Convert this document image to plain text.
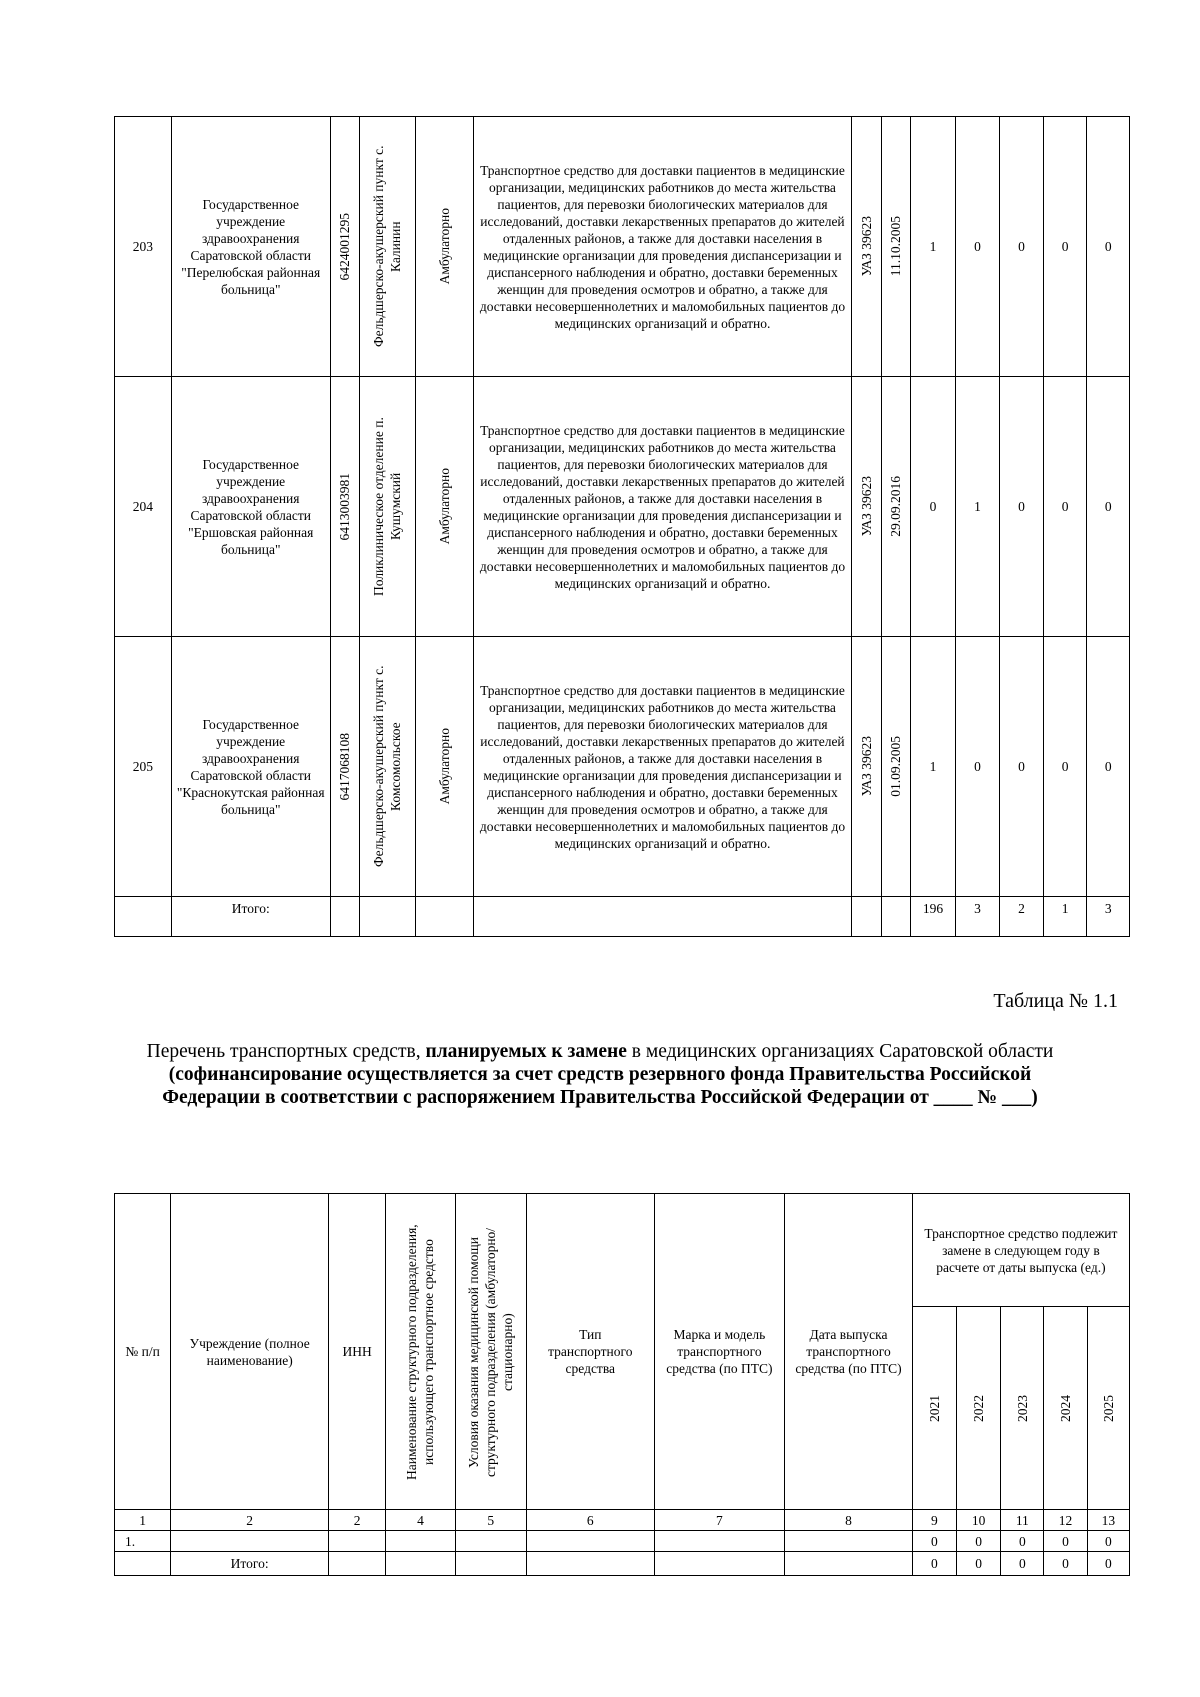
203	Государственное учреждение здравоохранения Саратовской области "Перелюбская районная больница"	6424001295	Фельдшерско-акушерский пункт с. Калинин	Амбулаторно	Транспортное средство для доставки пациентов в медицинские организации, медицинских работников до места жительства пациентов, для перевозки биологических материалов для исследований, доставки лекарственных препаратов до жителей отдаленных районов, а также для доставки населения в медицинские организации для проведения диспансеризации и диспансерного наблюдения и обратно, доставки беременных женщин для проведения осмотров и обратно, а также для доставки несовершеннолетних и маломобильных пациентов до медицинских организаций и обратно.	УАЗ 39623	11.10.2005	1	0	0	0	0
204	Государственное учреждение здравоохранения Саратовской области "Ершовская районная больница"	6413003981	Поликлиническое отделение п. Кушумский	Амбулаторно	Транспортное средство для доставки пациентов в медицинские организации, медицинских работников до места жительства пациентов, для перевозки биологических материалов для исследований, доставки лекарственных препаратов до жителей отдаленных районов, а также для доставки населения в медицинские организации для проведения диспансеризации и диспансерного наблюдения и обратно, доставки беременных женщин для проведения осмотров и обратно, а также для доставки несовершеннолетних и маломобильных пациентов до медицинских организаций и обратно.	УАЗ 39623	29.09.2016	0	1	0	0	0
205	Государственное учреждение здравоохранения Саратовской области "Краснокутская районная больница"	6417068108	Фельдшерско-акушерский пункт с. Комсомольское	Амбулаторно	Транспортное средство для доставки пациентов в медицинские организации, медицинских работников до места жительства пациентов, для перевозки биологических материалов для исследований, доставки лекарственных препаратов до жителей отдаленных районов, а также для доставки населения в медицинские организации для проведения диспансеризации и диспансерного наблюдения и обратно, доставки беременных женщин для проведения осмотров и обратно, а также для доставки несовершеннолетних и маломобильных пациентов до медицинских организаций и обратно.	УАЗ 39623	01.09.2005	1	0	0	0	0
	Итого:							196	3	2	1	3
Таблица № 1.1
Перечень транспортных средств, планируемых к замене в медицинских организациях Саратовской области
(софинансирование осуществляется за счет средств резервного фонда Правительства Российской Федерации в соответствии с распоряжением Правительства Российской Федерации от ____ № ___)
№ п/п	Учреждение (полное наименование)	ИНН	Наименование структурного подразделения, использующего транспортное средство	Условия оказания медицинской помощи структурного подразделения (амбулаторно/ стационарно)	Тип транспортного средства	Марка и модель транспортного средства (по ПТС)	Дата выпуска транспортного средства (по ПТС)	Транспортное средство подлежит замене в следующем году в расчете от даты выпуска (ед.)				

								2021	2022	2023	2024	2025

1	2	2	4	5	6	7	8	9	10	11	12	13
1.								0	0	0	0	0
	Итого:							0	0	0	0	0
